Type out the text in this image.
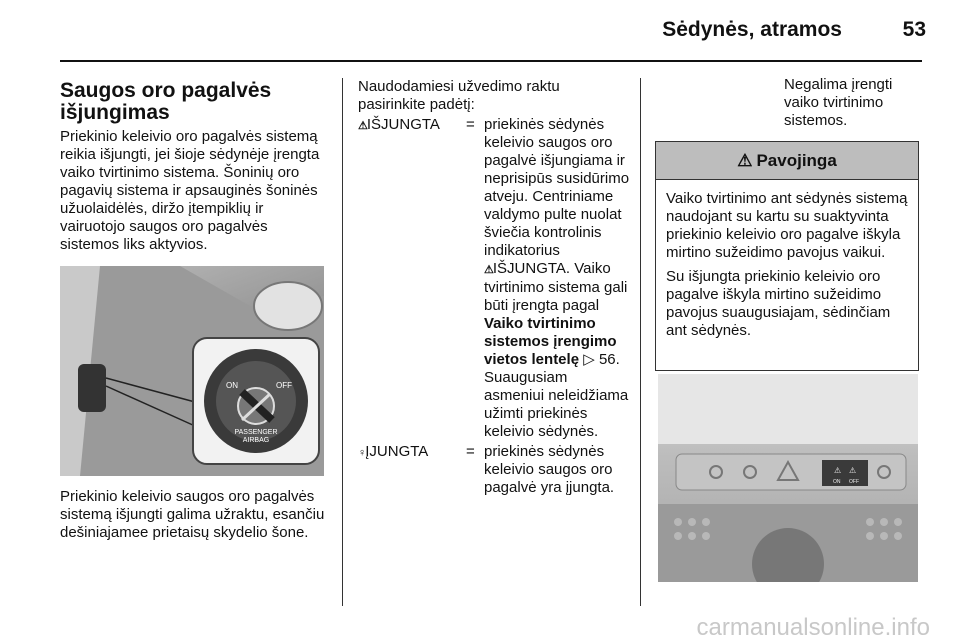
Sėdynės, atramos	53
Saugos oro pagalvės išjungimas
Priekinio keleivio oro pagalvės sistemą reikia išjungti, jei šioje sėdynėje įrengta vaiko tvirtinimo sistema. Šoninių oro pagavių sistema ir apsauginės šoninės užuolaidėlės, diržo įtempiklių ir vairuotojo saugos oro pagalvės sistemos liks aktyvios.
ON	OFF
PASSENGER
AIRBAG
Priekinio keleivio saugos oro pagalvės sistemą išjungti galima užraktu, esančiu dešiniajamee prietaisų skydelio šone.
Naudodamiesi užvedimo raktu pasirinkite padėtį:
⚠IŠJUNGTA	= priekinės sėdynės keleivio saugos oro pagalvė išjungiama ir neprisipūs susidūrimo atveju. Centriniame valdymo pulte nuolat šviečia kontrolinis indikatorius
⚠IŠJUNGTA. Vaiko tvirtinimo sistema gali būti įrengta pagal Vaiko tvirtinimo sistemos įrengimo vietos lentelę ▷ 56. Suaugusiam asmeniui neleidžiama užimti priekinės keleivio sėdynės.
♀ĮJUNGTA	= priekinės sėdynės keleivio saugos oro pagalvė yra įjungta.
Negalima įrengti vaiko tvirtinimo sistemos.
⚠ Pavojinga

Vaiko tvirtinimo ant sėdynės sistemą naudojant su kartu su suaktyvinta priekinio keleivio oro pagalve iškyla mirtino sužeidimo pavojus vaikui.

Su išjungta priekinio keleivio oro pagalve iškyla mirtino sužeidimo pavojus suaugusiajam, sėdinčiam ant sėdynės.

⚠ ⚠
ON OFF
carmanualsonline.info
